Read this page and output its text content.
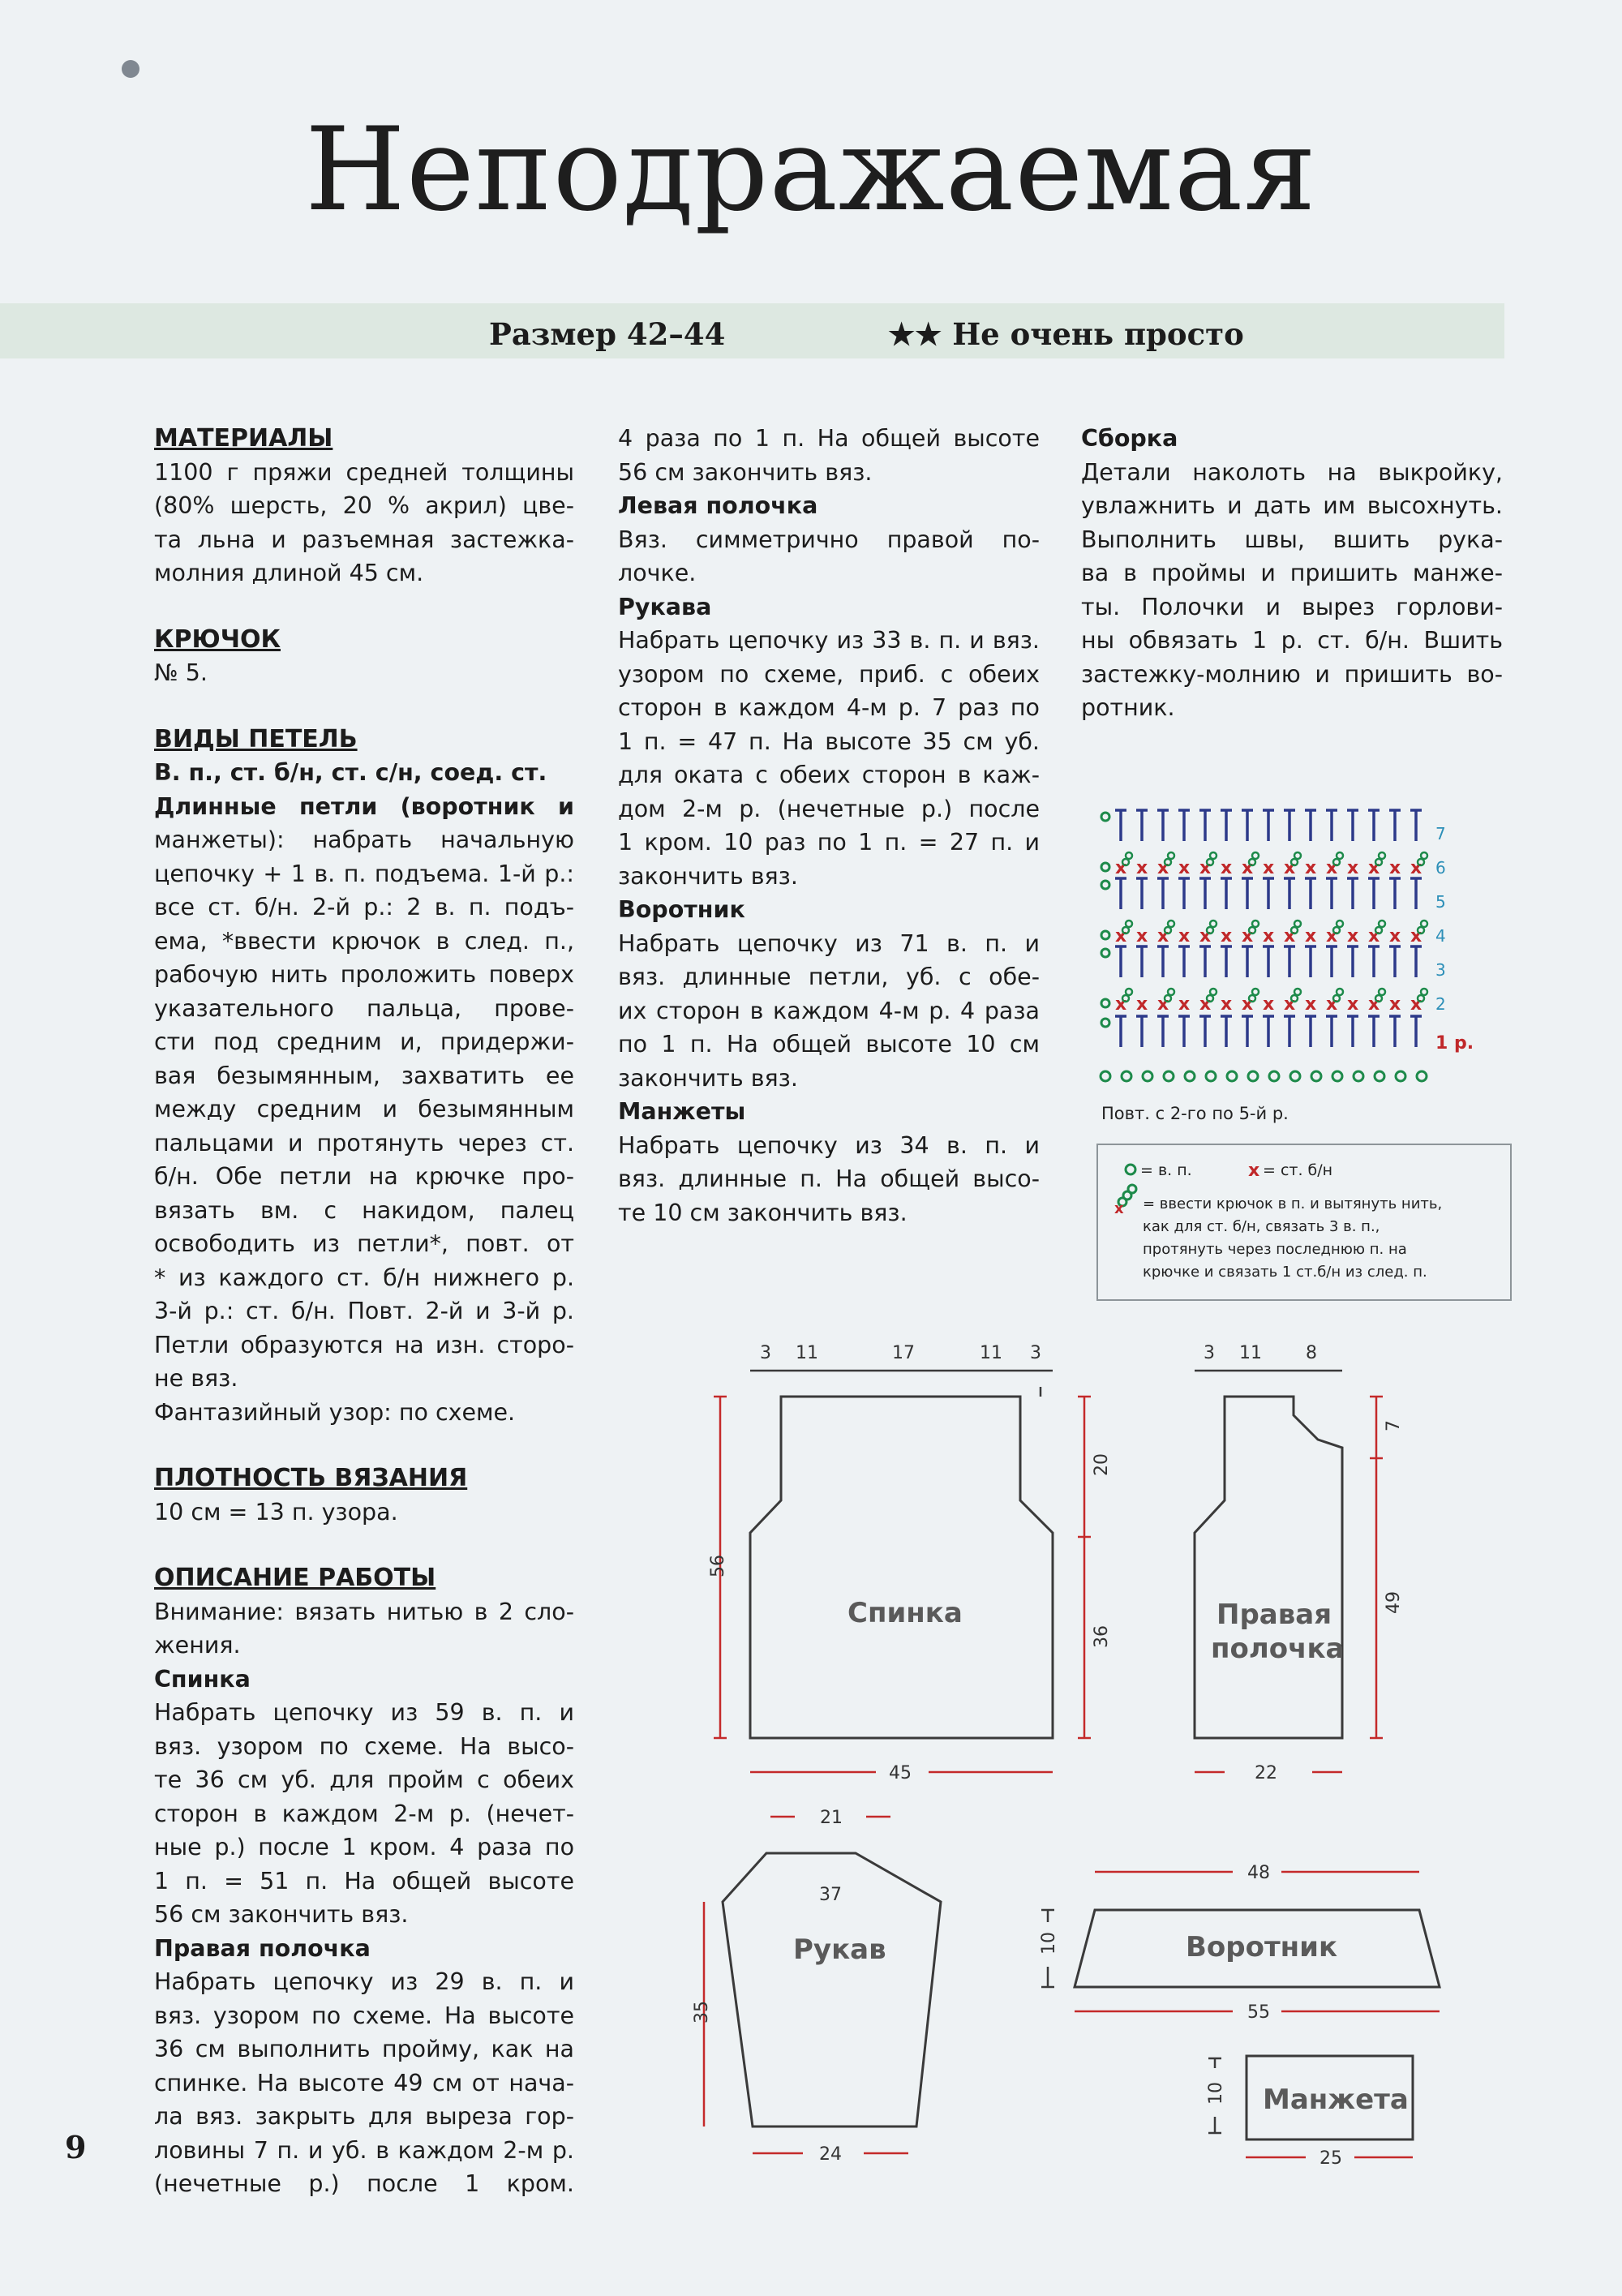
Неподражаемая
Размер 42–44	★★ Не очень просто

МАТЕРИАЛЫ

1100 г пряжи средней толщины

(80% шерсть, 20 % акрил) цве-

та льна и разъемная застежка-

молния длиной 45 см.

КРЮЧОК

№ 5.

ВИДЫ ПЕТЕЛЬ

В. п., ст. б/н, ст. с/н, соед. ст.

Длинные петли (воротник и

манжеты): набрать начальную

цепочку + 1 в. п. подъема. 1-й р.:

все ст. б/н. 2-й р.: 2 в. п. подъ-

ема, *ввести крючок в след. п.,

рабочую нить проложить поверх

указательного пальца, прове-

сти под средним и, придержи-

вая безымянным, захватить ее

между средним и безымянным

пальцами и протянуть через ст.

б/н. Обе петли на крючке про-

вязать вм. с накидом, палец

освободить из петли*, повт. от

* из каждого ст. б/н нижнего р.

3-й р.: ст. б/н. Повт. 2-й и 3-й р.

Петли образуются на изн. сторо-

не вяз.

Фантазийный узор: по схеме.

ПЛОТНОСТЬ ВЯЗАНИЯ

10 см = 13 п. узора.

ОПИСАНИЕ РАБОТЫ

Внимание: вязать нитью в 2 сло-

жения.

Спинка

Набрать цепочку из 59 в. п. и

вяз. узором по схеме. На высо-

те 36 см уб. для пройм с обеих

сторон в каждом 2-м р. (нечет-

ные р.) после 1 кром. 4 раза по

1 п. = 51 п. На общей высоте

56 см закончить вяз.

Правая полочка

Набрать цепочку из 29 в. п. и

вяз. узором по схеме. На высоте

36 см выполнить пройму, как на

спинке. На высоте 49 см от нача-

ла вяз. закрыть для выреза гор-

ловины 7 п. и уб. в каждом 2-м р.

(нечетные р.) после 1 кром.

4 раза по 1 п. На общей высоте

56 см закончить вяз.

Левая полочка

Вяз. симметрично правой по-

лочке.

Рукава

Набрать цепочку из 33 в. п. и вяз.

узором по схеме, приб. с обеих

сторон в каждом 4-м р. 7 раз по

1 п. = 47 п. На высоте 35 см уб.

для оката с обеих сторон в каж-

дом 2-м р. (нечетные р.) после

1 кром. 10 раз по 1 п. = 27 п. и

закончить вяз.

Воротник

Набрать цепочку из 71 в. п. и

вяз. длинные петли, уб. с обе-

их сторон в каждом 4-м р. 4 раза

по 1 п. На общей высоте 10 см

закончить вяз.

Манжеты

Набрать цепочку из 34 в. п. и

вяз. длинные п. На общей высо-

те 10 см закончить вяз.

Сборка

Детали наколоть на выкройку,

увлажнить и дать им высохнуть.

Выполнить швы, вшить рука-

ва в проймы и пришить манже-

ты. Полочки и вырез горлови-

ны обвязать 1 р. ст. б/н. Вшить

застежку-молнию и пришить во-

ротник.

x x x x x x x x x x x x x x x
x x x x x x x x x x x x x x x
x x x x x x x x x x x x x x x
7
6
5
4
3
2
1 р.
Повт. с 2-го по 5-й р.
= в. п.	x = ст. б/н
x = ввести крючок в п. и вытянуть нить,
как для ст. б/н, связать 3 в. п.,
протянуть через последнюю п. на
крючке и связать 1 ст.б/н из след. п.
3 11	17	11 3
45
21
3 11 8
22
37
24
48
55
25
56
20
36
7
49
35
10
10
Спинка	Правая
полочка
Рукав	Воротник
Манжета
9
